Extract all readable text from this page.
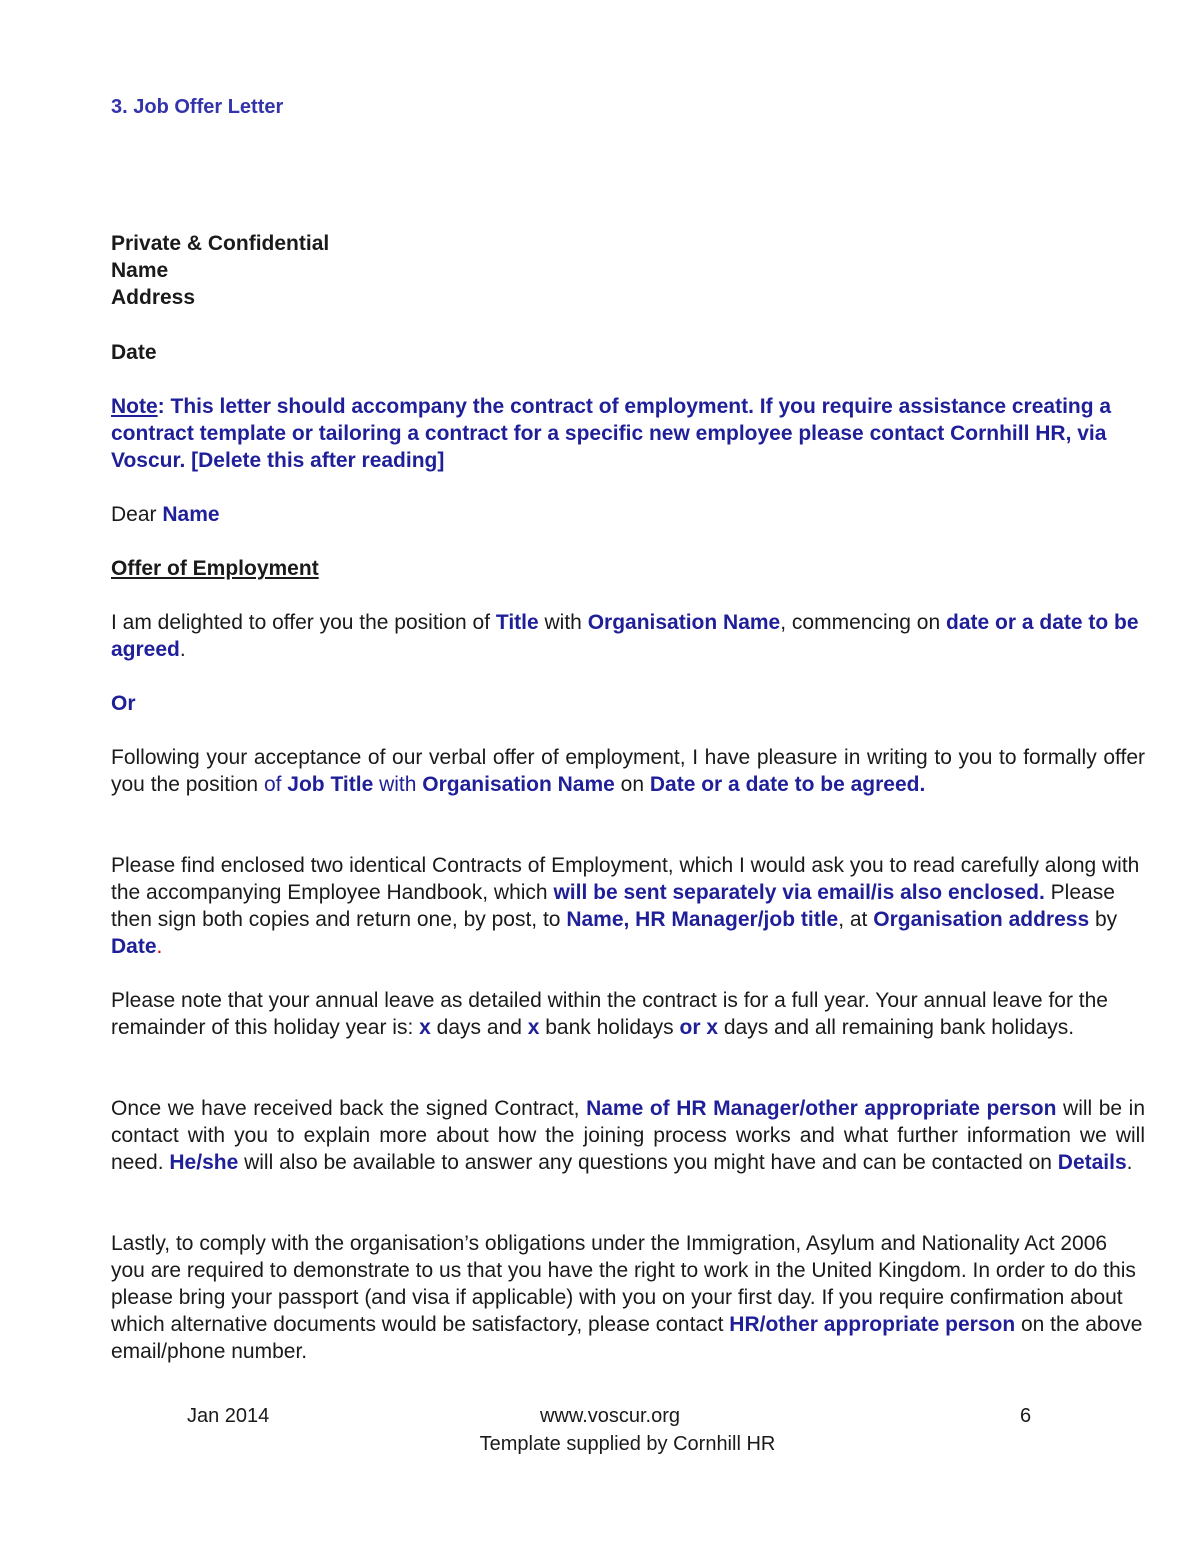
3. Job Offer Letter
Private & Confidential
Name
Address
Date
Note: This letter should accompany the contract of employment. If you require assistance creating a contract template or tailoring a contract for a specific new employee please contact Cornhill HR, via Voscur. [Delete this after reading]
Dear Name
Offer of Employment
I am delighted to offer you the position of Title with Organisation Name, commencing on date or a date to be agreed.
Or
Following your acceptance of our verbal offer of employment, I have pleasure in writing to you to formally offer you the position of Job Title with Organisation Name on Date or a date to be agreed.
Please find enclosed two identical Contracts of Employment, which I would ask you to read carefully along with the accompanying Employee Handbook, which will be sent separately via email/is also enclosed. Please then sign both copies and return one, by post, to Name, HR Manager/job title, at Organisation address by Date.
Please note that your annual leave as detailed within the contract is for a full year. Your annual leave for the remainder of this holiday year is: x days and x bank holidays or x days and all remaining bank holidays.
Once we have received back the signed Contract, Name of HR Manager/other appropriate person will be in contact with you to explain more about how the joining process works and what further information we will need. He/she will also be available to answer any questions you might have and can be contacted on Details.
Lastly, to comply with the organisation’s obligations under the Immigration, Asylum and Nationality Act 2006 you are required to demonstrate to us that you have the right to work in the United Kingdom. In order to do this please bring your passport (and visa if applicable) with you on your first day. If you require confirmation about which alternative documents would be satisfactory, please contact HR/other appropriate person on the above email/phone number.
Jan 2014	www.voscur.org	6
Template supplied by Cornhill HR
